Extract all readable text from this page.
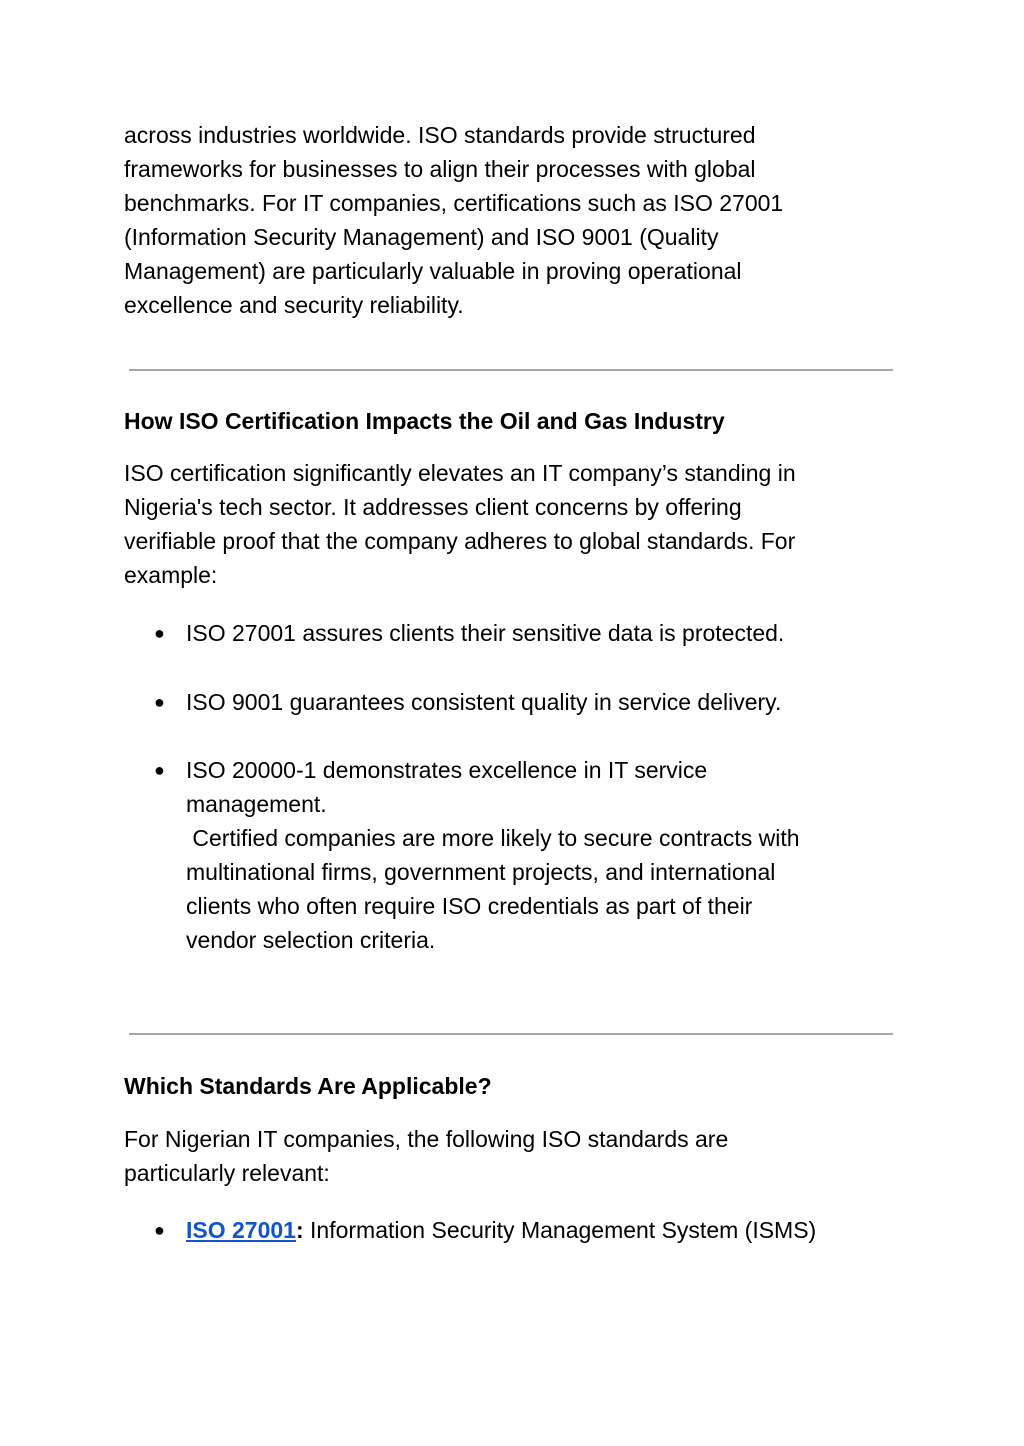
across industries worldwide. ISO standards provide structured
frameworks for businesses to align their processes with global
benchmarks. For IT companies, certifications such as ISO 27001
(Information Security Management) and ISO 9001 (Quality
Management) are particularly valuable in proving operational
excellence and security reliability.

How ISO Certification Impacts the Oil and Gas Industry

ISO certification significantly elevates an IT company’s standing in
Nigeria's tech sector. It addresses client concerns by offering
verifiable proof that the company adheres to global standards. For
example:

● ISO 27001 assures clients their sensitive data is protected.
● ISO 9001 guarantees consistent quality in service delivery.
● ISO 20000-1 demonstrates excellence in IT service
management.
Certified companies are more likely to secure contracts with
multinational firms, government projects, and international
clients who often require ISO credentials as part of their
vendor selection criteria.
Which Standards Are Applicable?

For Nigerian IT companies, the following ISO standards are
particularly relevant:

● ISO 27001: Information Security Management System (ISMS)
